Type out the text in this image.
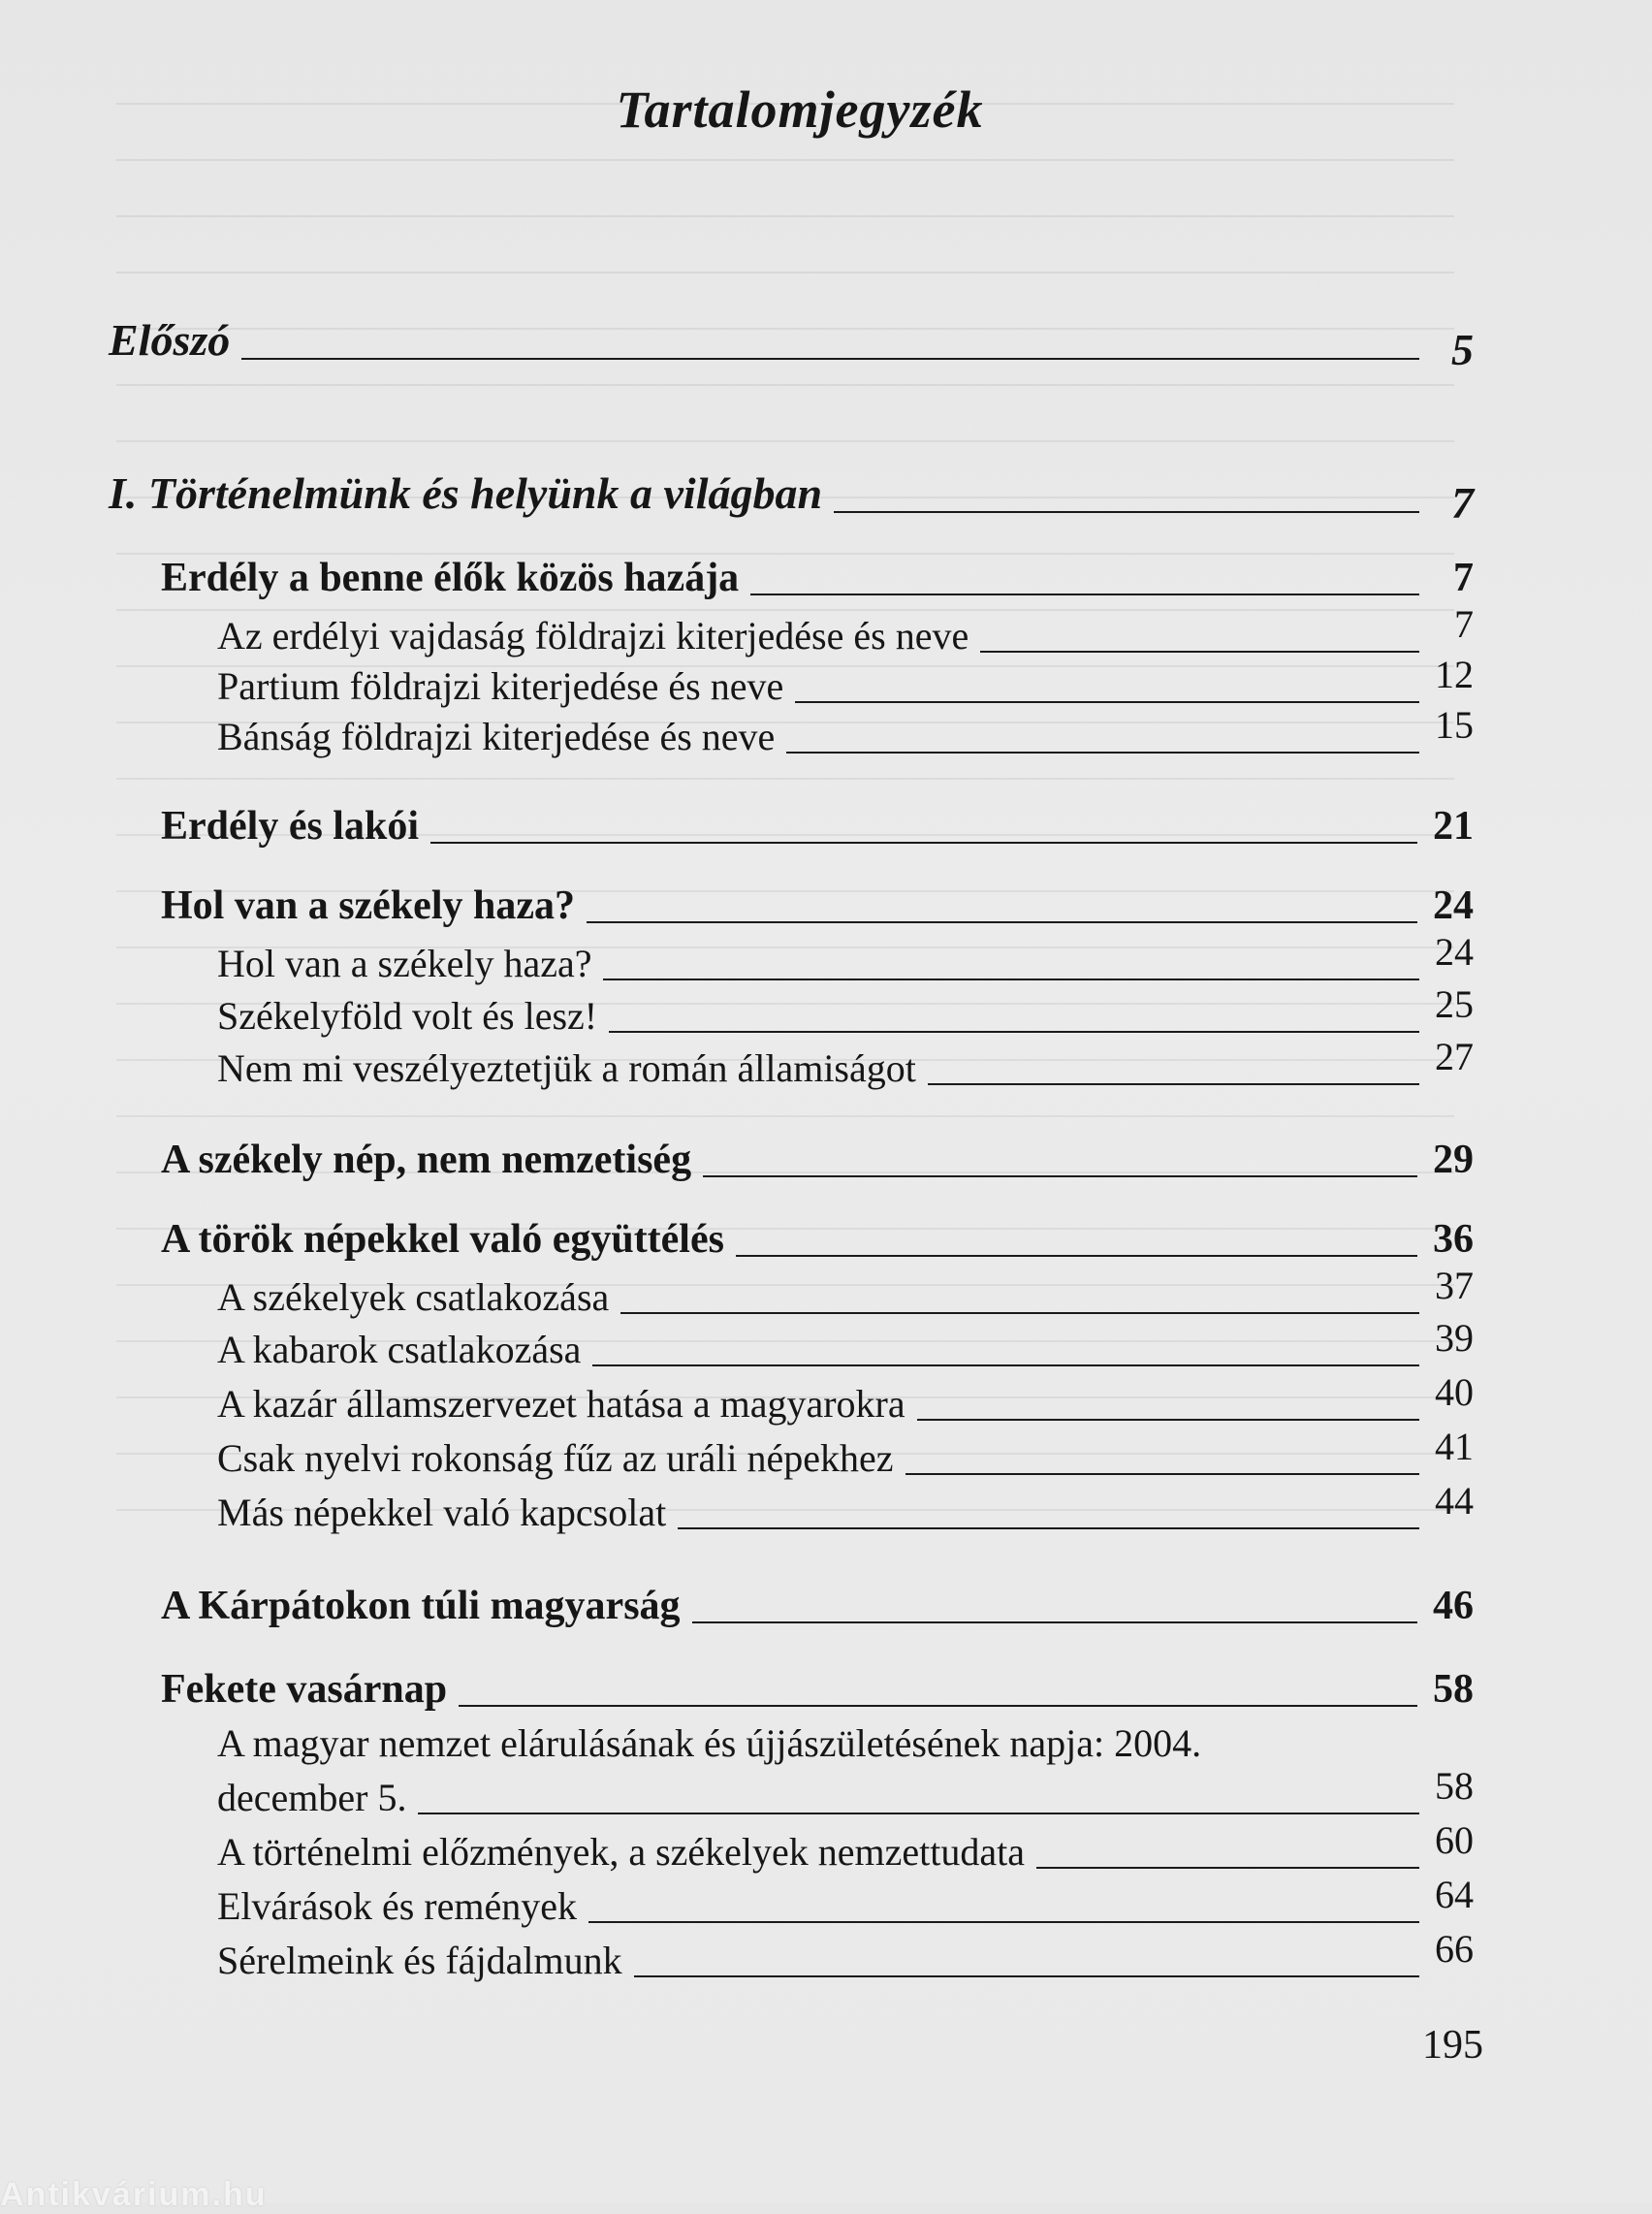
Tartalomjegyzék
Előszó	5
I. Történelmünk és helyünk a világban	7
Erdély a benne élők közös hazája	7
Az erdélyi vajdaság földrajzi kiterjedése és neve	7
Partium földrajzi kiterjedése és neve	12
Bánság földrajzi kiterjedése és neve	15
Erdély és lakói	21
Hol van a székely haza?	24
Hol van a székely haza?	24
Székelyföld volt és lesz!	25
Nem mi veszélyeztetjük a román államiságot	27
A székely nép, nem nemzetiség	29
A török népekkel való együttélés	36
A székelyek csatlakozása	37
A kabarok csatlakozása	39
A kazár államszervezet hatása a magyarokra	40
Csak nyelvi rokonság fűz az uráli népekhez	41
Más népekkel való kapcsolat	44
A Kárpátokon túli magyarság	46
Fekete vasárnap	58
A magyar nemzet elárulásának és újjászületésének napja: 2004.
december 5.	58
A történelmi előzmények, a székelyek nemzettudata	60
Elvárások és remények	64
Sérelmeink és fájdalmunk	66
195
Antikvárium.hu
